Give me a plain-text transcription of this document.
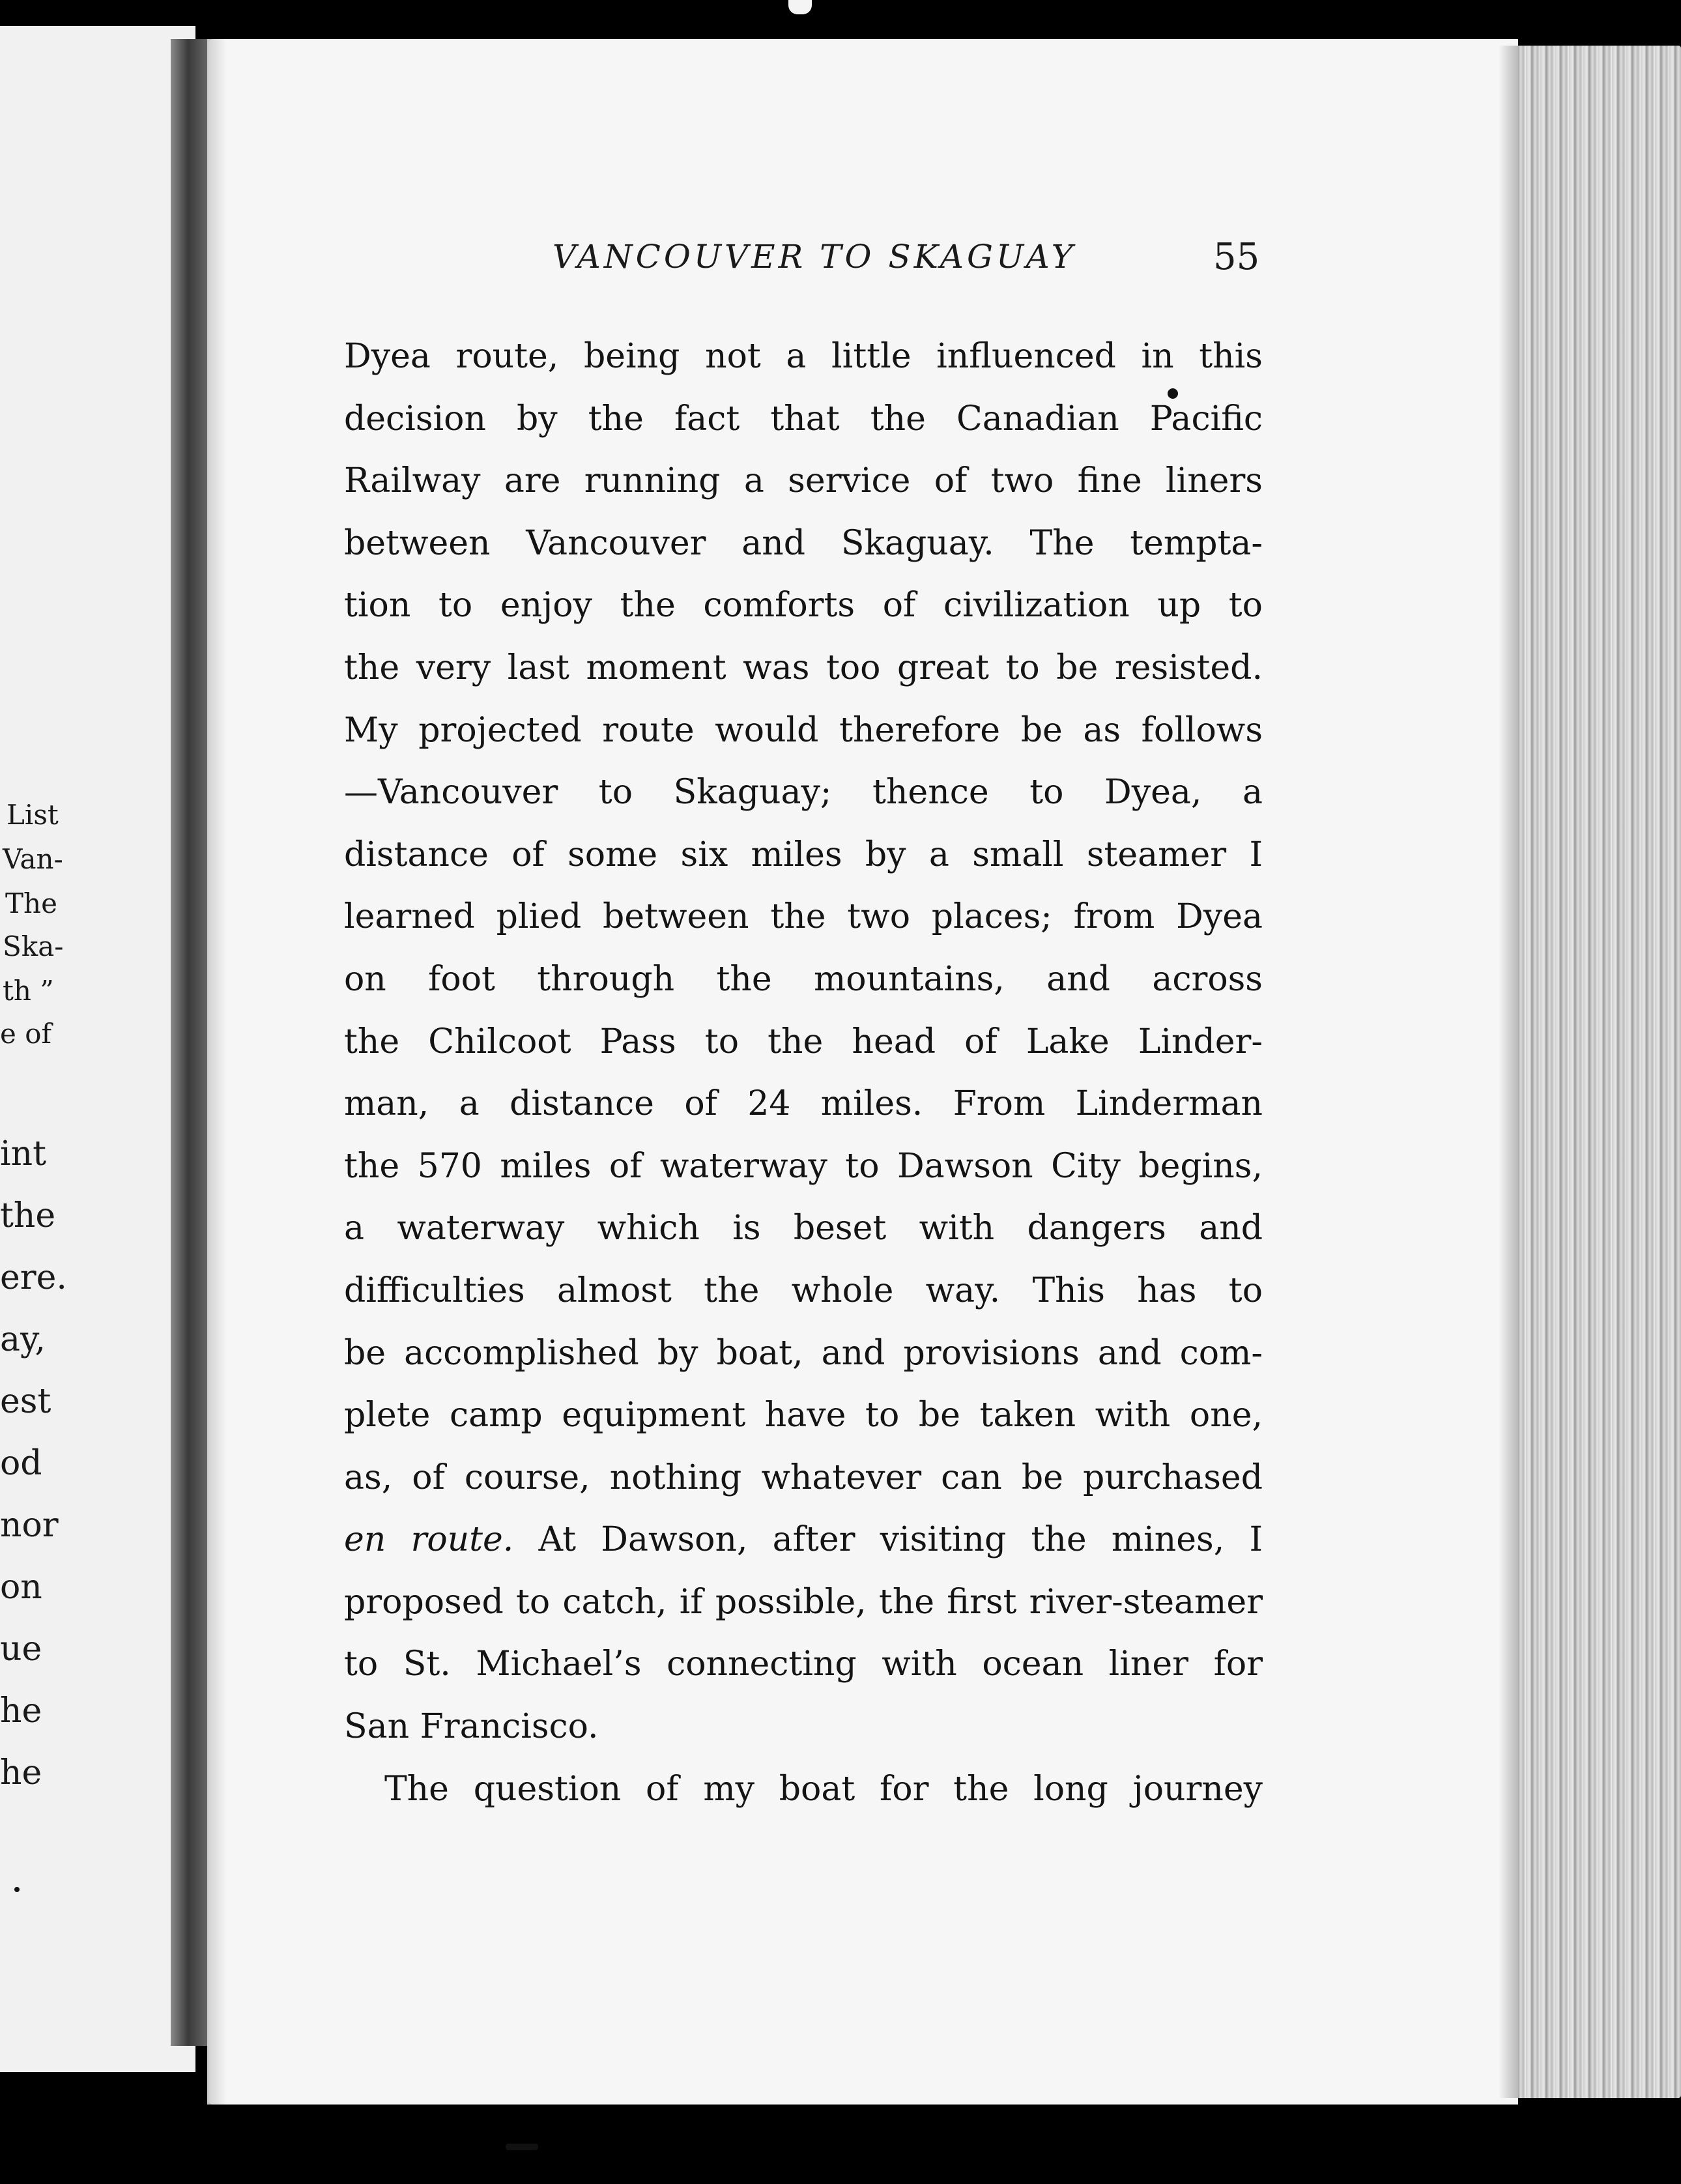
List
Van-
The
Ska-
th ”
e of
int
the
ere.
ay,
est
od
nor
on
ue
he
he
VANCOUVER TO SKAGUAY	55
Dyea route, being not a little influenced in this
decision by the fact that the Canadian Pacific
Railway are running a service of two fine liners
between Vancouver and Skaguay. The tempta-
tion to enjoy the comforts of civilization up to
the very last moment was too great to be resisted.
My projected route would therefore be as follows
—Vancouver to Skaguay; thence to Dyea, a
distance of some six miles by a small steamer I
learned plied between the two places; from Dyea
on foot through the mountains, and across
the Chilcoot Pass to the head of Lake Linder-
man, a distance of 24 miles. From Linderman
the 570 miles of waterway to Dawson City begins,
a waterway which is beset with dangers and
difficulties almost the whole way. This has to
be accomplished by boat, and provisions and com-
plete camp equipment have to be taken with one,
as, of course, nothing whatever can be purchased
en route. At Dawson, after visiting the mines, I
proposed to catch, if possible, the first river-steamer
to St. Michael’s connecting with ocean liner for
San Francisco.
The question of my boat for the long journey
